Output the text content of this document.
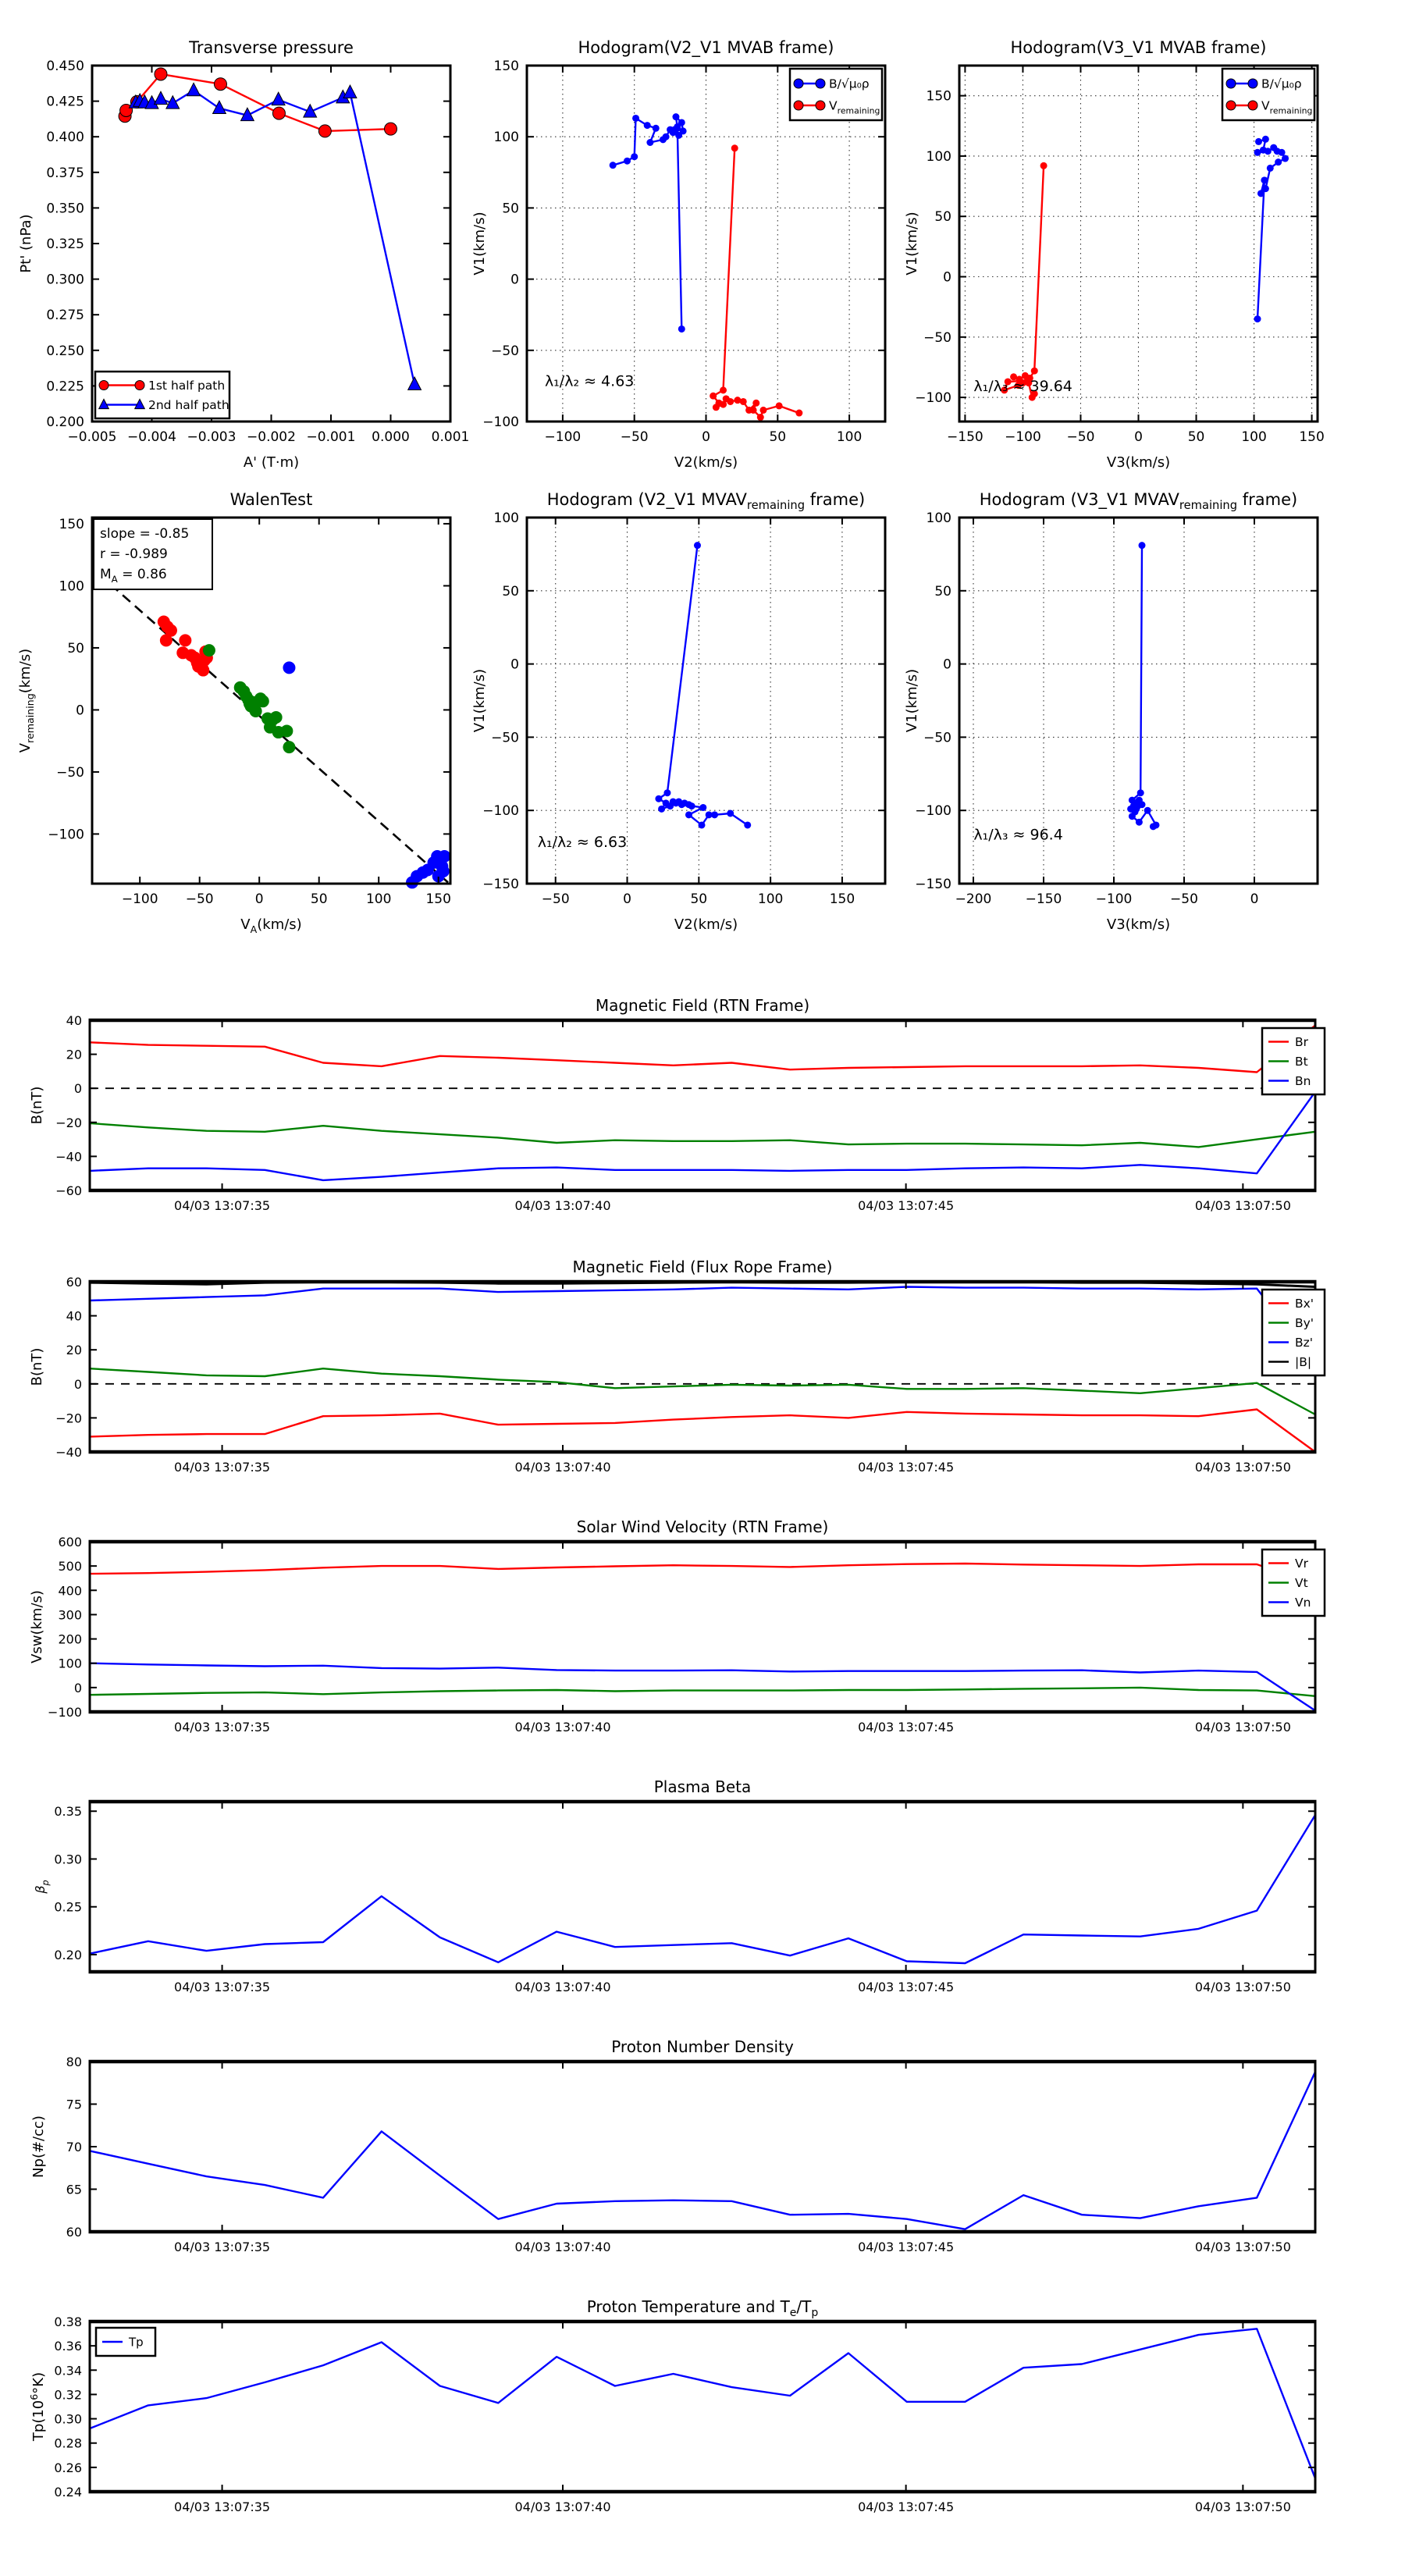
−0.005 −0.004 −0.003 −0.002 −0.001 0.000 0.001
0.200
0.225
0.250
0.275
0.300
0.325
0.350
0.375
0.400
0.425
0.450
Transverse pressure
A' (T·m)
Pt' (nPa)
1st half path
2nd half path
−100	−50	0	50	100
−100
−50
0
50
100
150
Hodogram(V2_V1 MVAB frame)
V2(km/s)
V1(km/s)
λ₁/λ₂ ≈ 4.63
B/√μ₀ρ
$V_{remaining}$
−150 −100 −50	0	50	100 150
−100
−50
0
50
100
150
Hodogram(V3_V1 MVAB frame)
V3(km/s)
V1(km/s)
λ₁/λ₃ ≈ 39.64
B/√μ₀ρ
$V_{remaining}$
−100 −50	0	50	100	150
−100
−50
0
50
100
150
WalenTest
$V_A(km/s)$
$V_{remaining}(km/s)$
slope = -0.85
r = -0.989
$M_A = 0.86$
−50	0	50	100	150
−150
−100
−50
0
50
100
Hodogram (V2_V1 $MVAV_{remaining}$ frame)
V2(km/s)
V1(km/s)
λ₁/λ₂ ≈ 6.63
−200	−150	−100	−50	0
−150
−100
−50
0
50
100
Hodogram (V3_V1 $MVAV_{remaining}$ frame)
V3(km/s)
V1(km/s)
λ₁/λ₃ ≈ 96.4
04/03 13:07:35	04/03 13:07:40	04/03 13:07:45	04/03 13:07:50
−60
−40
−20
0
20
40
Magnetic Field (RTN Frame)
B(nT)
Br
Bt
Bn
04/03 13:07:35	04/03 13:07:40	04/03 13:07:45	04/03 13:07:50
−40
−20
0
20
40
60
Magnetic Field (Flux Rope Frame)
B(nT)
Bx'
By'
Bz'
|B|
04/03 13:07:35	04/03 13:07:40	04/03 13:07:45	04/03 13:07:50
−100
0
100
200
300
400
500
600
Solar Wind Velocity (RTN Frame)
Vsw(km/s)
Vr
Vt
Vn
04/03 13:07:35	04/03 13:07:40	04/03 13:07:45	04/03 13:07:50
0.20
0.25
0.30
0.35
Plasma Beta
$\beta_p$
04/03 13:07:35	04/03 13:07:40	04/03 13:07:45	04/03 13:07:50
60
65
70
75
80
Proton Number Density
Np(#/cc)
04/03 13:07:35	04/03 13:07:40	04/03 13:07:45	04/03 13:07:50
0.24
0.26
0.28
0.30
0.32
0.34
0.36
0.38
Proton Temperature and $T_e/T_p$
$Tp(10^6^\circ K)$
Tp
